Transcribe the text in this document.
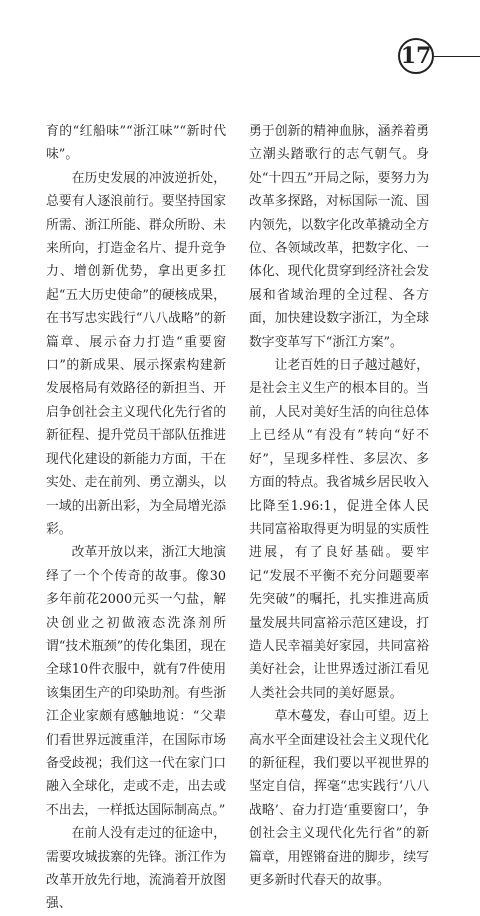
17

育的“红船味”“浙江味”“新时代味”。

在历史发展的冲波逆折处，总要有人逐浪前行。要坚持国家所需、浙江所能、群众所盼、未来所向，打造金名片、提升竞争力、增创新优势，拿出更多扛起“五大历史使命”的硬核成果，在书写忠实践行“八八战略”的新篇章、展示奋力打造“重要窗口”的新成果、展示探索构建新发展格局有效路径的新担当、开启争创社会主义现代化先行省的新征程、提升党员干部队伍推进现代化建设的新能力方面，干在实处、走在前列、勇立潮头，以一域的出新出彩，为全局增光添彩。

改革开放以来，浙江大地演绎了一个个传奇的故事。像30多年前花2000元买一勺盐，解决创业之初做液态洗涤剂所谓“技术瓶颈”的传化集团，现在全球10件衣服中，就有7件使用该集团生产的印染助剂。有些浙江企业家颇有感触地说：“父辈们看世界远渡重洋，在国际市场备受歧视；我们这一代在家门口融入全球化，走或不走，出去或不出去，一样抵达国际制高点。”

在前人没有走过的征途中，需要攻城拔寨的先锋。浙江作为改革开放先行地，流淌着开放图强、

勇于创新的精神血脉，涵养着勇立潮头踏歌行的志气朝气。身处“十四五”开局之际，要努力为改革多探路，对标国际一流、国内领先，以数字化改革撬动全方位、各领域改革，把数字化、一体化、现代化贯穿到经济社会发展和省域治理的全过程、各方面，加快建设数字浙江，为全球数字变革写下“浙江方案”。

让老百姓的日子越过越好，是社会主义生产的根本目的。当前，人民对美好生活的向往总体上已经从“有没有”转向“好不好”，呈现多样性、多层次、多方面的特点。我省城乡居民收入比降至1.96:1，促进全体人民共同富裕取得更为明显的实质性进展，有了良好基础。要牢记“发展不平衡不充分问题要率先突破”的嘱托，扎实推进高质量发展共同富裕示范区建设，打造人民幸福美好家园，共同富裕美好社会，让世界透过浙江看见人类社会共同的美好愿景。

草木蔓发，春山可望。迈上高水平全面建设社会主义现代化的新征程，我们要以平视世界的坚定自信，挥毫“忠实践行‘八八战略’、奋力打造‘重要窗口’，争创社会主义现代化先行省”的新篇章，用铿锵奋进的脚步，续写更多新时代春天的故事。
